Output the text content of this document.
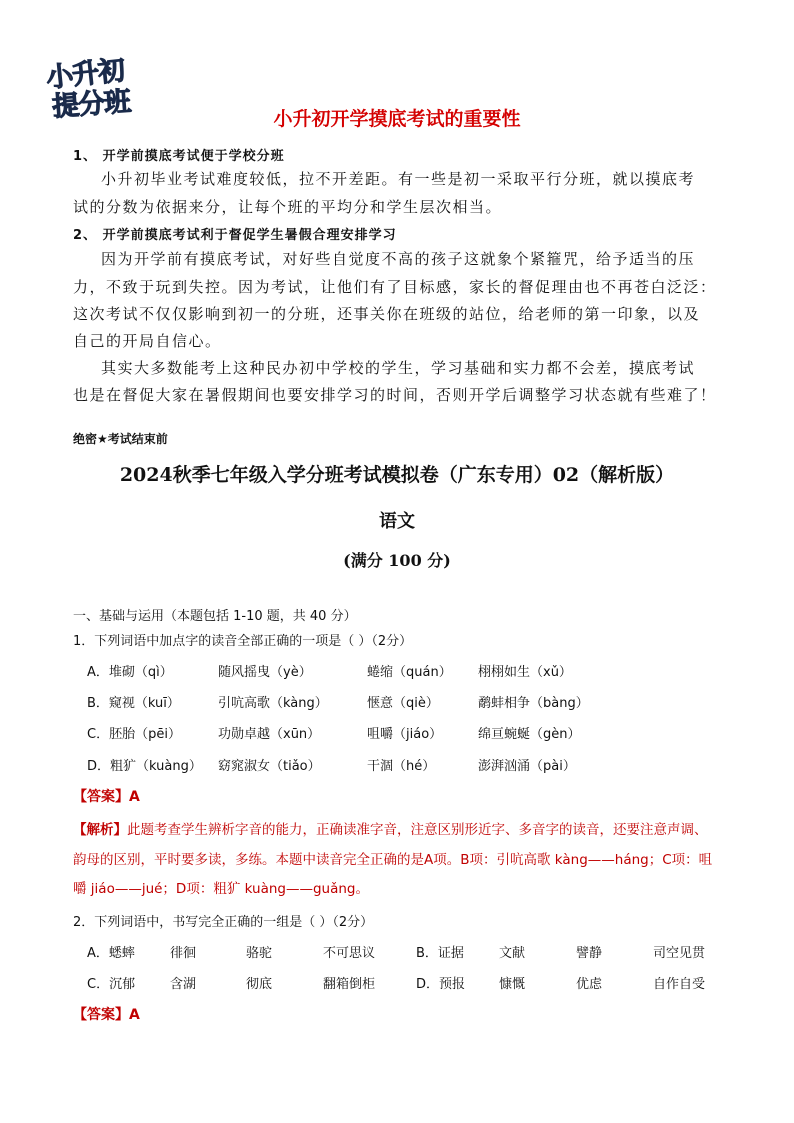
小升初
提分班	小升初开学摸底考试的重要性
1、 开学前摸底考试便于学校分班
小升初毕业考试难度较低，拉不开差距。有一些是初一采取平行分班，就以摸底考
试的分数为依据来分，让每个班的平均分和学生层次相当。
2、 开学前摸底考试利于督促学生暑假合理安排学习
因为开学前有摸底考试，对好些自觉度不高的孩子这就象个紧箍咒，给予适当的压
力，不致于玩到失控。因为考试，让他们有了目标感，家长的督促理由也不再苍白泛泛：
这次考试不仅仅影响到初一的分班，还事关你在班级的站位，给老师的第一印象，以及
自己的开局自信心。
其实大多数能考上这种民办初中学校的学生，学习基础和实力都不会差，摸底考试
也是在督促大家在暑假期间也要安排学习的时间，否则开学后调整学习状态就有些难了！
绝密★考试结束前
2024秋季七年级入学分班考试模拟卷（广东专用）02（解析版）
语文
(满分 100 分)
一、基础与运用（本题包括 1-10 题，共 40 分）
1．下列词语中加点字的读音全部正确的一项是（ ）（2分）
A．堆砌（qì）	随风摇曳（yè）	蜷缩（quán） 栩栩如生（xǔ）
B．窥视（kuī）	引吭高歌（kàng）	惬意（qiè）	鹬蚌相争（bàng）
C．胚胎（pēi）	功勋卓越（xūn）	咀嚼（jiáo）	绵亘蜿蜒（gèn）
D．粗犷（kuàng） 窈窕淑女（tiǎo）	干涸（hé）	澎湃汹涌（pài）
【答案】A
【解析】此题考查学生辨析字音的能力，正确读准字音，注意区别形近字、多音字的读音，还要注意声调、
韵母的区别，平时要多读，多练。本题中读音完全正确的是A项。B项：引吭高歌 kàng——háng；C项：咀
嚼 jiáo——jué；D项：粗犷 kuàng——guǎng。
2．下列词语中，书写完全正确的一组是（ ）（2分）
A．蟋蟀	徘徊	骆驼	不可思议	B．证据	文献	譬静	司空见贯
C．沉郁	含湖	彻底	翻箱倒柜	D．预报	慷慨	优虑	自作自受
【答案】A
